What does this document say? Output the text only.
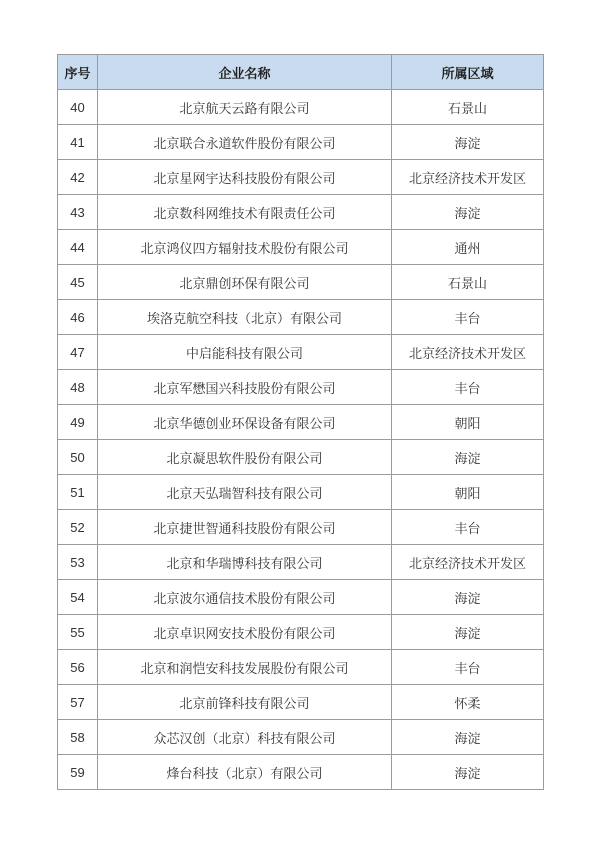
序号	企业名称	所属区域
40	北京航天云路有限公司	石景山
41	北京联合永道软件股份有限公司	海淀
42	北京星网宇达科技股份有限公司	北京经济技术开发区
43	北京数科网维技术有限责任公司	海淀
44	北京鸿仪四方辐射技术股份有限公司	通州
45	北京鼎创环保有限公司	石景山
46	埃洛克航空科技（北京）有限公司	丰台
47	中启能科技有限公司	北京经济技术开发区
48	北京军懋国兴科技股份有限公司	丰台
49	北京华德创业环保设备有限公司	朝阳
50	北京凝思软件股份有限公司	海淀
51	北京天弘瑞智科技有限公司	朝阳
52	北京捷世智通科技股份有限公司	丰台
53	北京和华瑞博科技有限公司	北京经济技术开发区
54	北京波尔通信技术股份有限公司	海淀
55	北京卓识网安技术股份有限公司	海淀
56	北京和润恺安科技发展股份有限公司	丰台
57	北京前锋科技有限公司	怀柔
58	众芯汉创（北京）科技有限公司	海淀
59	烽台科技（北京）有限公司	海淀
